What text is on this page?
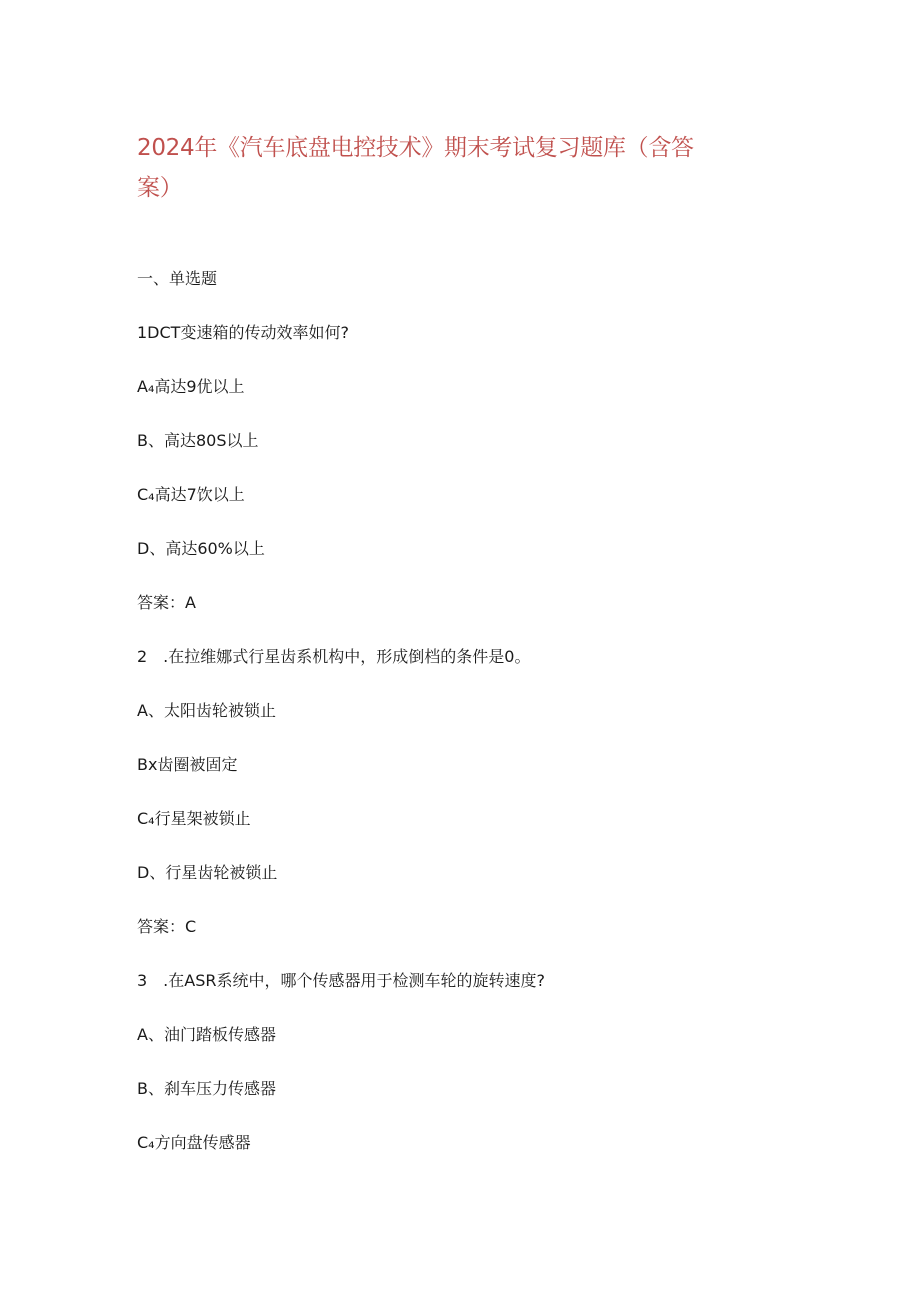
2024年《汽车底盘电控技术》期末考试复习题库（含答案）

一、单选题

1DCT变速箱的传动效率如何?

A₄高达9优以上

B、高达80S以上

C₄高达7饮以上

D、高达60%以上

答案：A

2　.在拉维娜式行星齿系机构中，形成倒档的条件是0。

A、太阳齿轮被锁止

Bx齿圈被固定

C₄行星架被锁止

D、行星齿轮被锁止

答案：C

3　.在ASR系统中，哪个传感器用于检测车轮的旋转速度?

A、油门踏板传感器

B、刹车压力传感器

C₄方向盘传感器
